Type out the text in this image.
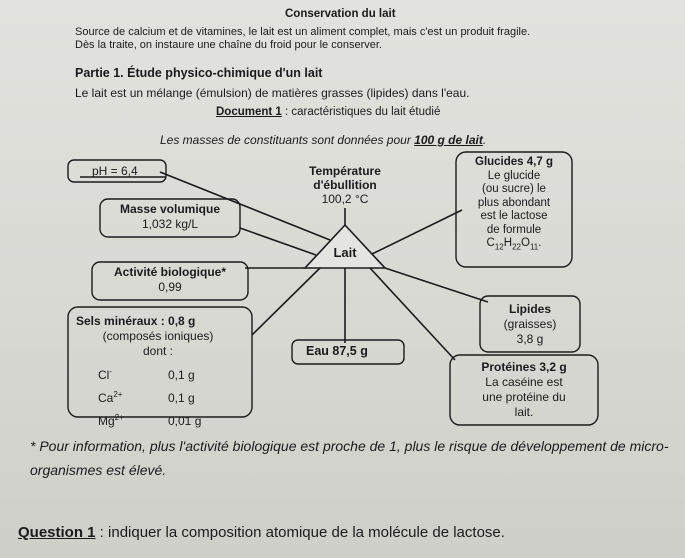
Conservation du lait
Source de calcium et de vitamines, le lait est un aliment complet, mais c'est un produit fragile.
Dès la traite, on instaure une chaîne du froid pour le conserver.
Partie 1. Étude physico-chimique d'un lait
Le lait est un mélange (émulsion) de matières grasses (lipides) dans l'eau.
Document 1 : caractéristiques du lait étudié
Les masses de constituants sont données pour 100 g de lait.
Lait
pH = 6,4	Température
d'ébullition
100,2 °C
Masse volumique
1,032 kg/L
Activité biologique*
0,99
Sels minéraux : 0,8 g
(composés ioniques)
dont :
Cl-	0,1 g
$Ca^{2+}$	0,1 g
$Mg^{2+}$	0,01 g
Eau 87,5 g
Glucides 4,7 g
Le glucide
(ou sucre) le
plus abondant
est le lactose
de formule
$C_{12}H_{22}O_{11}$.
Lipides
(graisses)
3,8 g
Protéines 3,2 g
La caséine est
une protéine du
lait.
* Pour information, plus l'activité biologique est proche de 1, plus le risque de développement de micro-organismes est élevé.
Question 1 : indiquer la composition atomique de la molécule de lactose.
